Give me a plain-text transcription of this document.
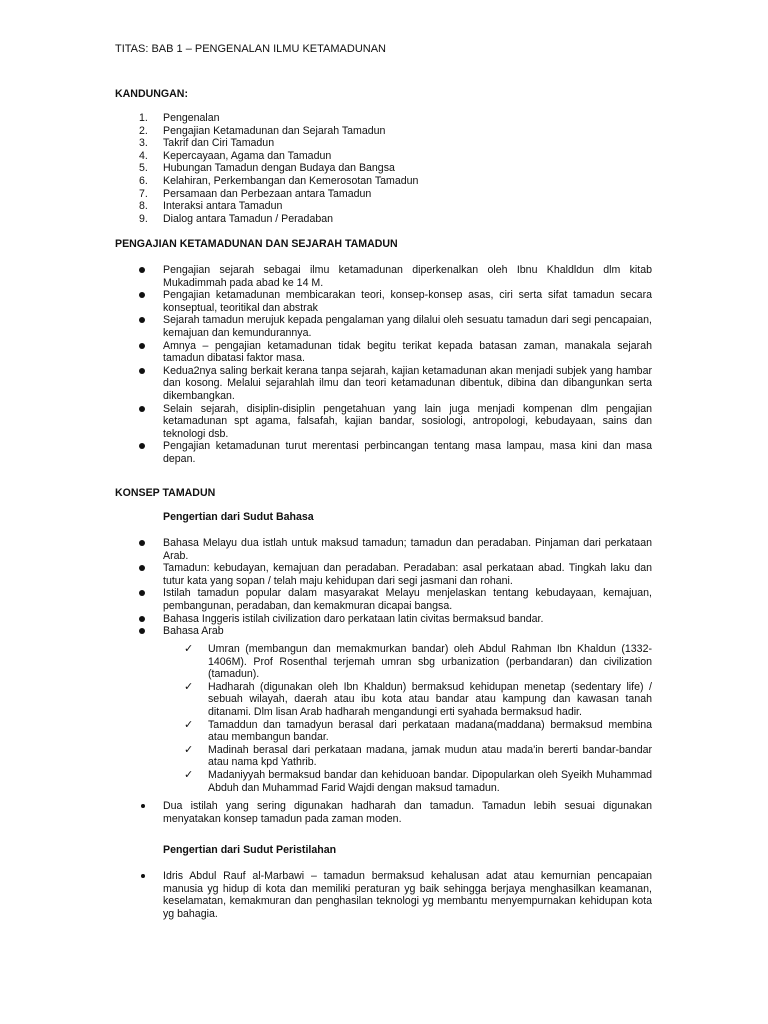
TITAS: BAB 1 – PENGENALAN ILMU KETAMADUNAN
KANDUNGAN:
1.	Pengenalan
2.	Pengajian Ketamadunan dan Sejarah Tamadun
3.	Takrif dan Ciri Tamadun
4.	Kepercayaan, Agama dan Tamadun
5.	Hubungan Tamadun dengan Budaya dan Bangsa
6.	Kelahiran, Perkembangan dan Kemerosotan Tamadun
7.	Persamaan dan Perbezaan antara Tamadun
8.	Interaksi antara Tamadun
9.	Dialog antara Tamadun / Peradaban
PENGAJIAN KETAMADUNAN DAN SEJARAH TAMADUN
Pengajian sejarah sebagai ilmu ketamadunan diperkenalkan oleh Ibnu Khaldldun dlm kitab Mukadimmah pada abad ke 14 M.
Pengajian ketamadunan membicarakan teori, konsep-konsep asas, ciri serta sifat tamadun secara konseptual, teoritikal dan abstrak
Sejarah tamadun merujuk kepada pengalaman yang dilalui oleh sesuatu tamadun dari segi pencapaian, kemajuan dan kemundurannya.
Amnya – pengajian ketamadunan tidak begitu terikat kepada batasan zaman, manakala sejarah tamadun dibatasi faktor masa.
Kedua2nya saling berkait kerana tanpa sejarah, kajian ketamadunan akan menjadi subjek yang hambar dan kosong. Melalui sejarahlah ilmu dan teori ketamadunan dibentuk, dibina dan dibangunkan serta dikembangkan.
Selain sejarah, disiplin-disiplin pengetahuan yang lain juga menjadi kompenan dlm pengajian ketamadunan spt agama, falsafah, kajian bandar, sosiologi, antropologi, kebudayaan, sains dan teknologi dsb.
Pengajian ketamadunan turut merentasi perbincangan tentang masa lampau, masa kini dan masa depan.
KONSEP TAMADUN
Pengertian dari Sudut Bahasa
Bahasa Melayu dua istlah untuk maksud tamadun; tamadun dan peradaban. Pinjaman dari perkataan Arab.
Tamadun: kebudayan, kemajuan dan peradaban. Peradaban: asal perkataan abad. Tingkah laku dan tutur kata yang sopan / telah maju kehidupan dari segi jasmani dan rohani.
Istilah tamadun popular dalam masyarakat Melayu menjelaskan tentang kebudayaan, kemajuan, pembangunan, peradaban, dan kemakmuran dicapai bangsa.
Bahasa Inggeris istilah civilization daro perkataan latin civitas bermaksud bandar.
Bahasa Arab
✓ Umran (membangun dan memakmurkan bandar) oleh Abdul Rahman Ibn Khaldun (1332-1406M). Prof Rosenthal terjemah umran sbg urbanization (perbandaran) dan civilization (tamadun).
✓ Hadharah (digunakan oleh Ibn Khaldun) bermaksud kehidupan menetap (sedentary life) / sebuah wilayah, daerah atau ibu kota atau bandar atau kampung dan kawasan tanah ditanami. Dlm lisan Arab hadharah mengandungi erti syahada bermaksud hadir.
✓ Tamaddun dan tamadyun berasal dari perkataan madana(maddana) bermaksud membina atau membangun bandar.
✓ Madinah berasal dari perkataan madana, jamak mudun atau mada'in bererti bandar-bandar atau nama kpd Yathrib.
✓ Madaniyyah bermaksud bandar dan kehiduoan bandar. Dipopularkan oleh Syeikh Muhammad Abduh dan Muhammad Farid Wajdi dengan maksud tamadun.
Dua istilah yang sering digunakan hadharah dan tamadun. Tamadun lebih sesuai digunakan menyatakan konsep tamadun pada zaman moden.
Pengertian dari Sudut Peristilahan
Idris Abdul Rauf al-Marbawi – tamadun bermaksud kehalusan adat atau kemurnian pencapaian manusia yg hidup di kota dan memiliki peraturan yg baik sehingga berjaya menghasilkan keamanan, keselamatan, kemakmuran dan penghasilan teknologi yg membantu menyempurnakan kehidupan kota yg bahagia.
